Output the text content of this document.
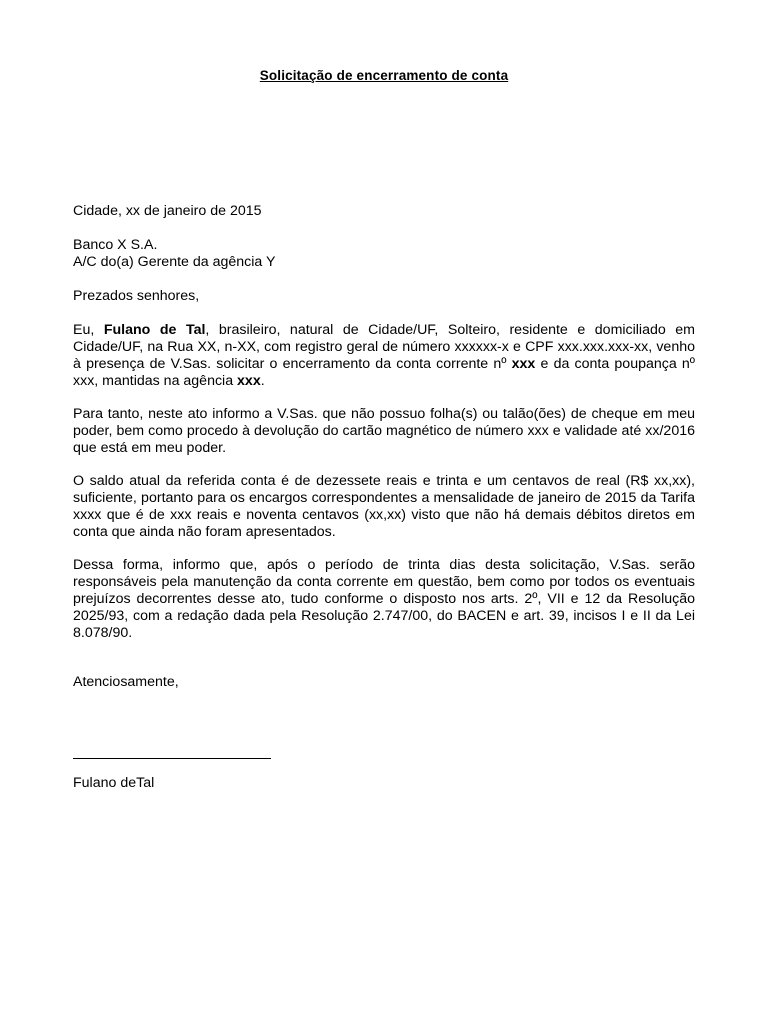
Solicitação de encerramento de conta
Cidade, xx de janeiro de 2015
Banco X S.A.
A/C do(a) Gerente da agência Y
Prezados senhores,
Eu, Fulano de Tal, brasileiro, natural de Cidade/UF, Solteiro, residente e domiciliado em Cidade/UF, na Rua XX, n-XX, com registro geral de número xxxxxx-x e CPF xxx.xxx.xxx-xx, venho à presença de V.Sas. solicitar o encerramento da conta corrente nº xxx e da conta poupança nº xxx, mantidas na agência xxx.
Para tanto, neste ato informo a V.Sas. que não possuo folha(s) ou talão(ões) de cheque em meu poder, bem como procedo à devolução do cartão magnético de número xxx e validade até xx/2016 que está em meu poder.
O saldo atual da referida conta é de dezessete reais e trinta e um centavos de real (R$ xx,xx), suficiente, portanto para os encargos correspondentes a mensalidade de janeiro de 2015 da Tarifa xxxx que é de xxx reais e noventa centavos (xx,xx) visto que não há demais débitos diretos em conta que ainda não foram apresentados.
Dessa forma, informo que, após o período de trinta dias desta solicitação, V.Sas. serão responsáveis pela manutenção da conta corrente em questão, bem como por todos os eventuais prejuízos decorrentes desse ato, tudo conforme o disposto nos arts. 2º, VII e 12 da Resolução 2025/93, com a redação dada pela Resolução 2.747/00, do BACEN e art. 39, incisos I e II da Lei 8.078/90.
Atenciosamente,
Fulano deTal
